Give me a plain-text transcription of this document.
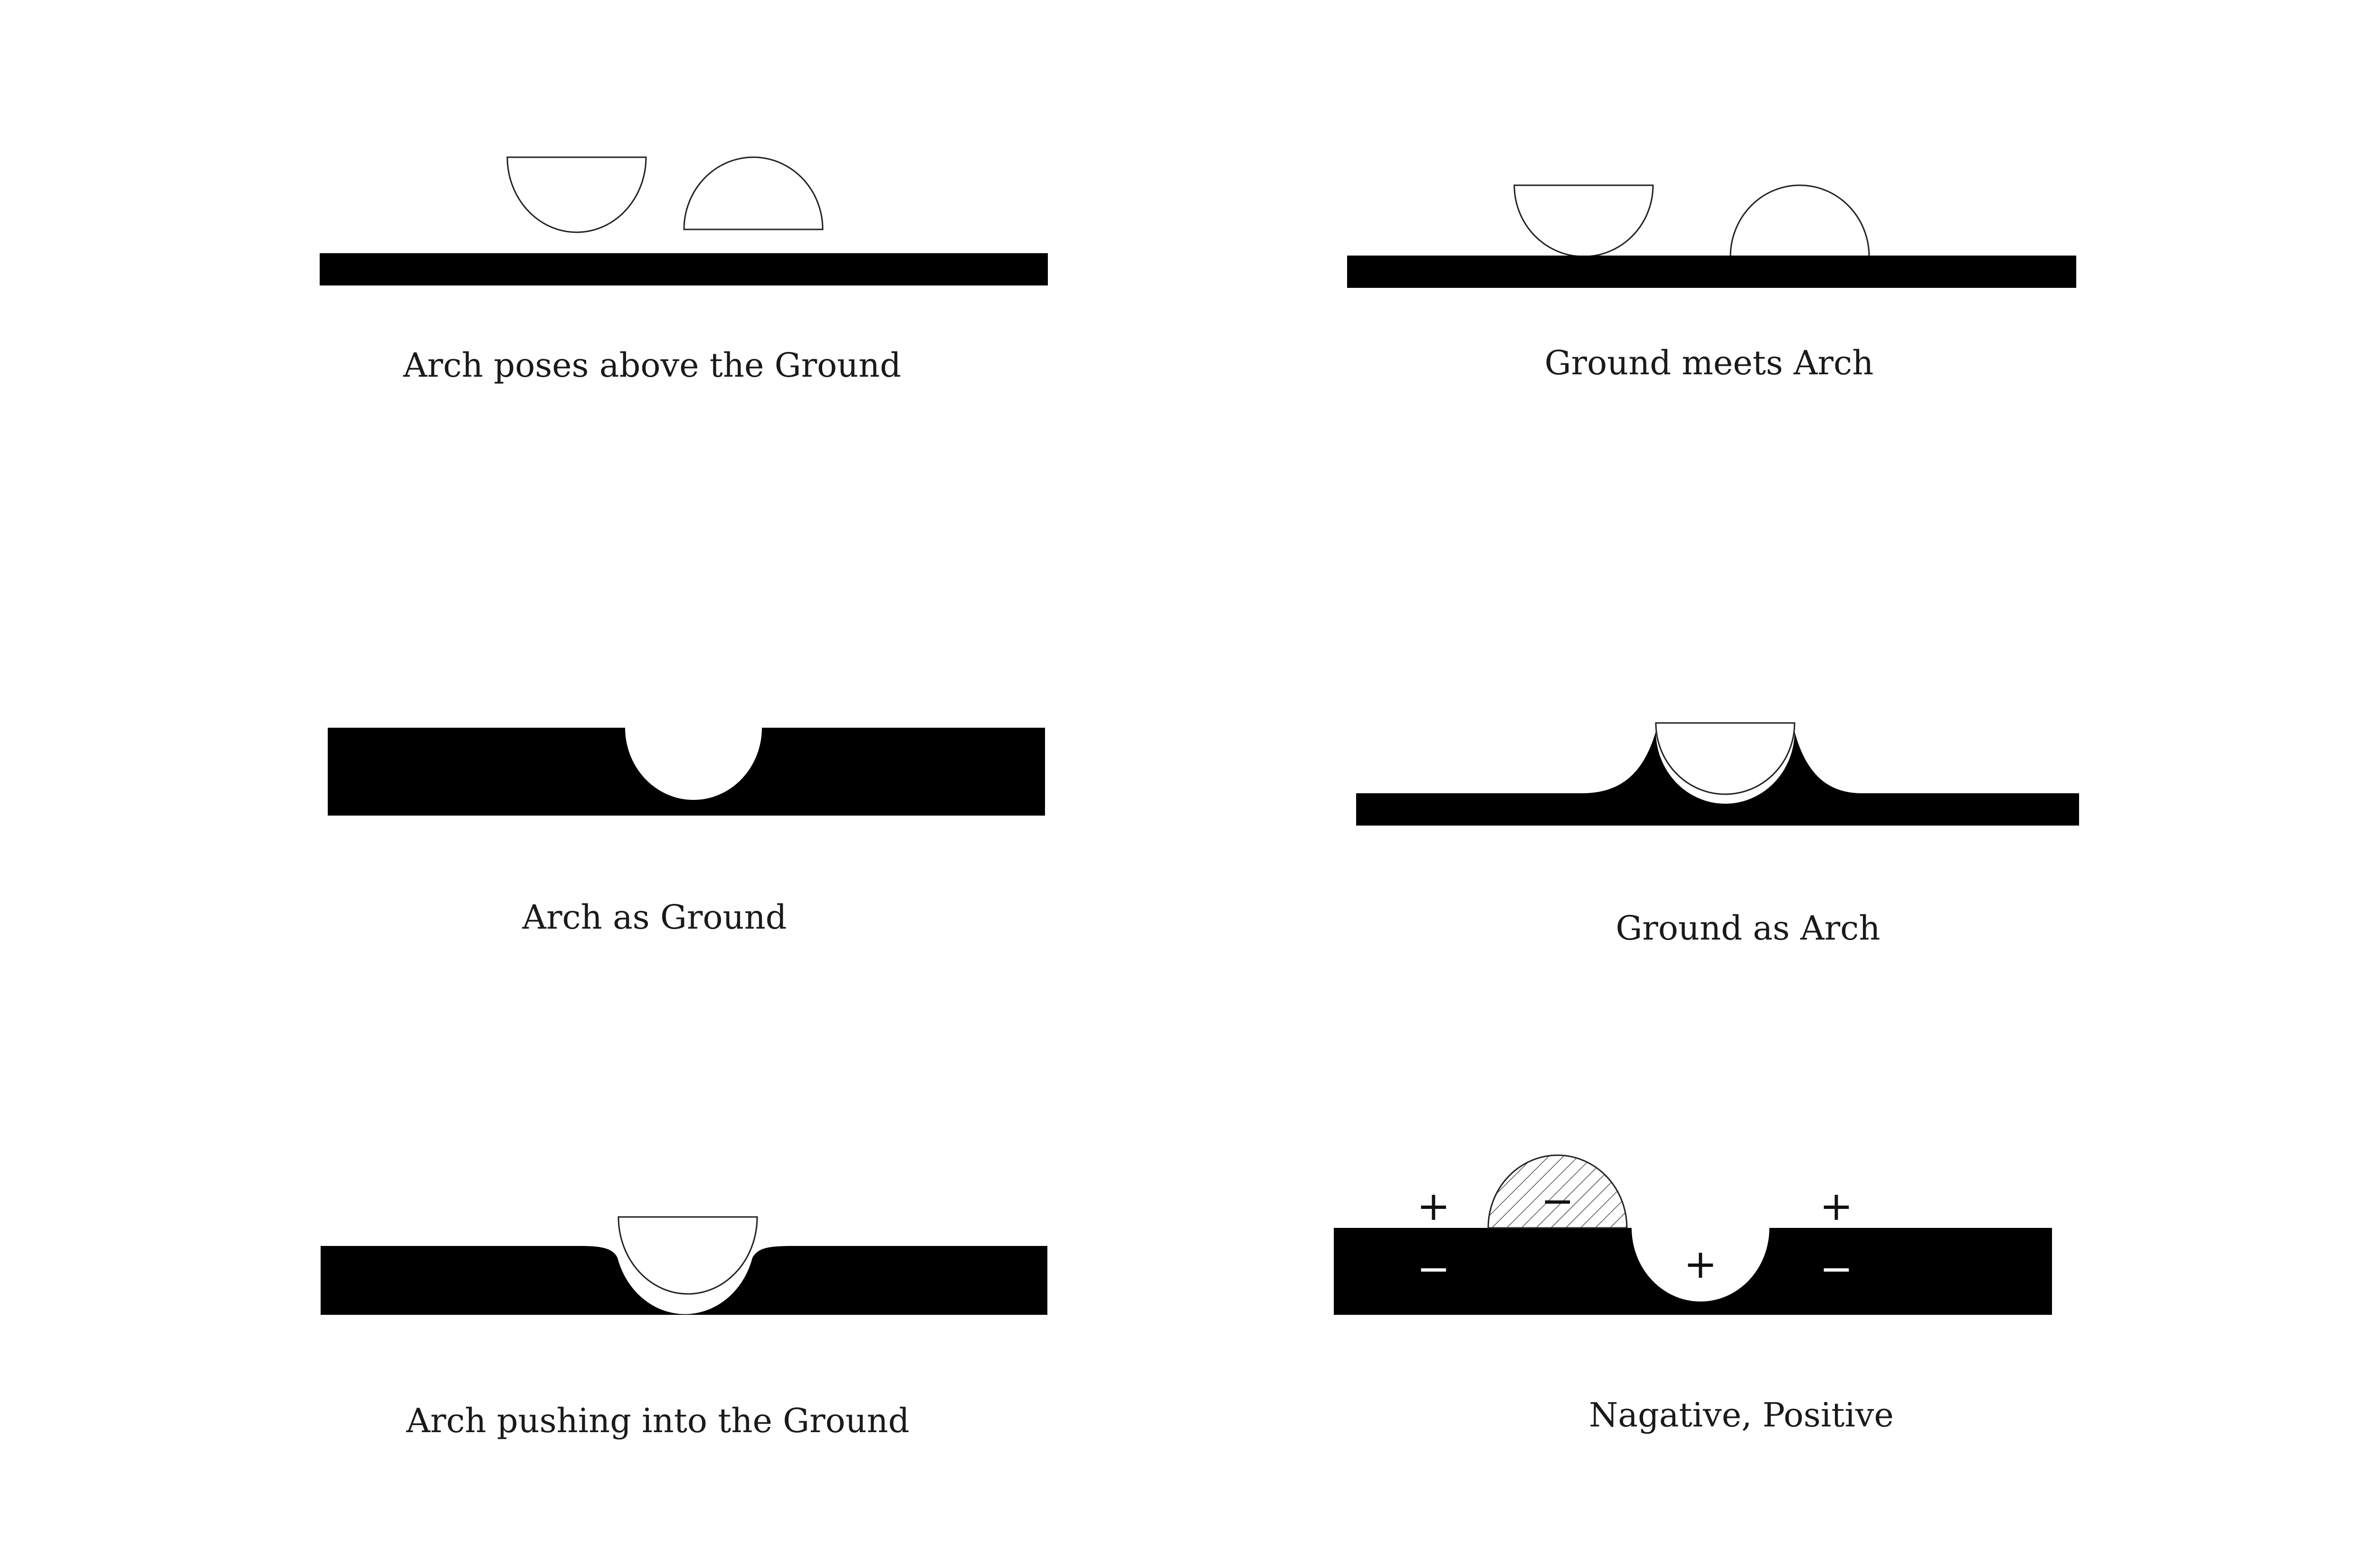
Arch poses above the Ground	Ground meets Arch
Arch as Ground	Ground as Arch
Arch pushing into the Ground
+ −	+
−	+	−
Nagative, Positive
